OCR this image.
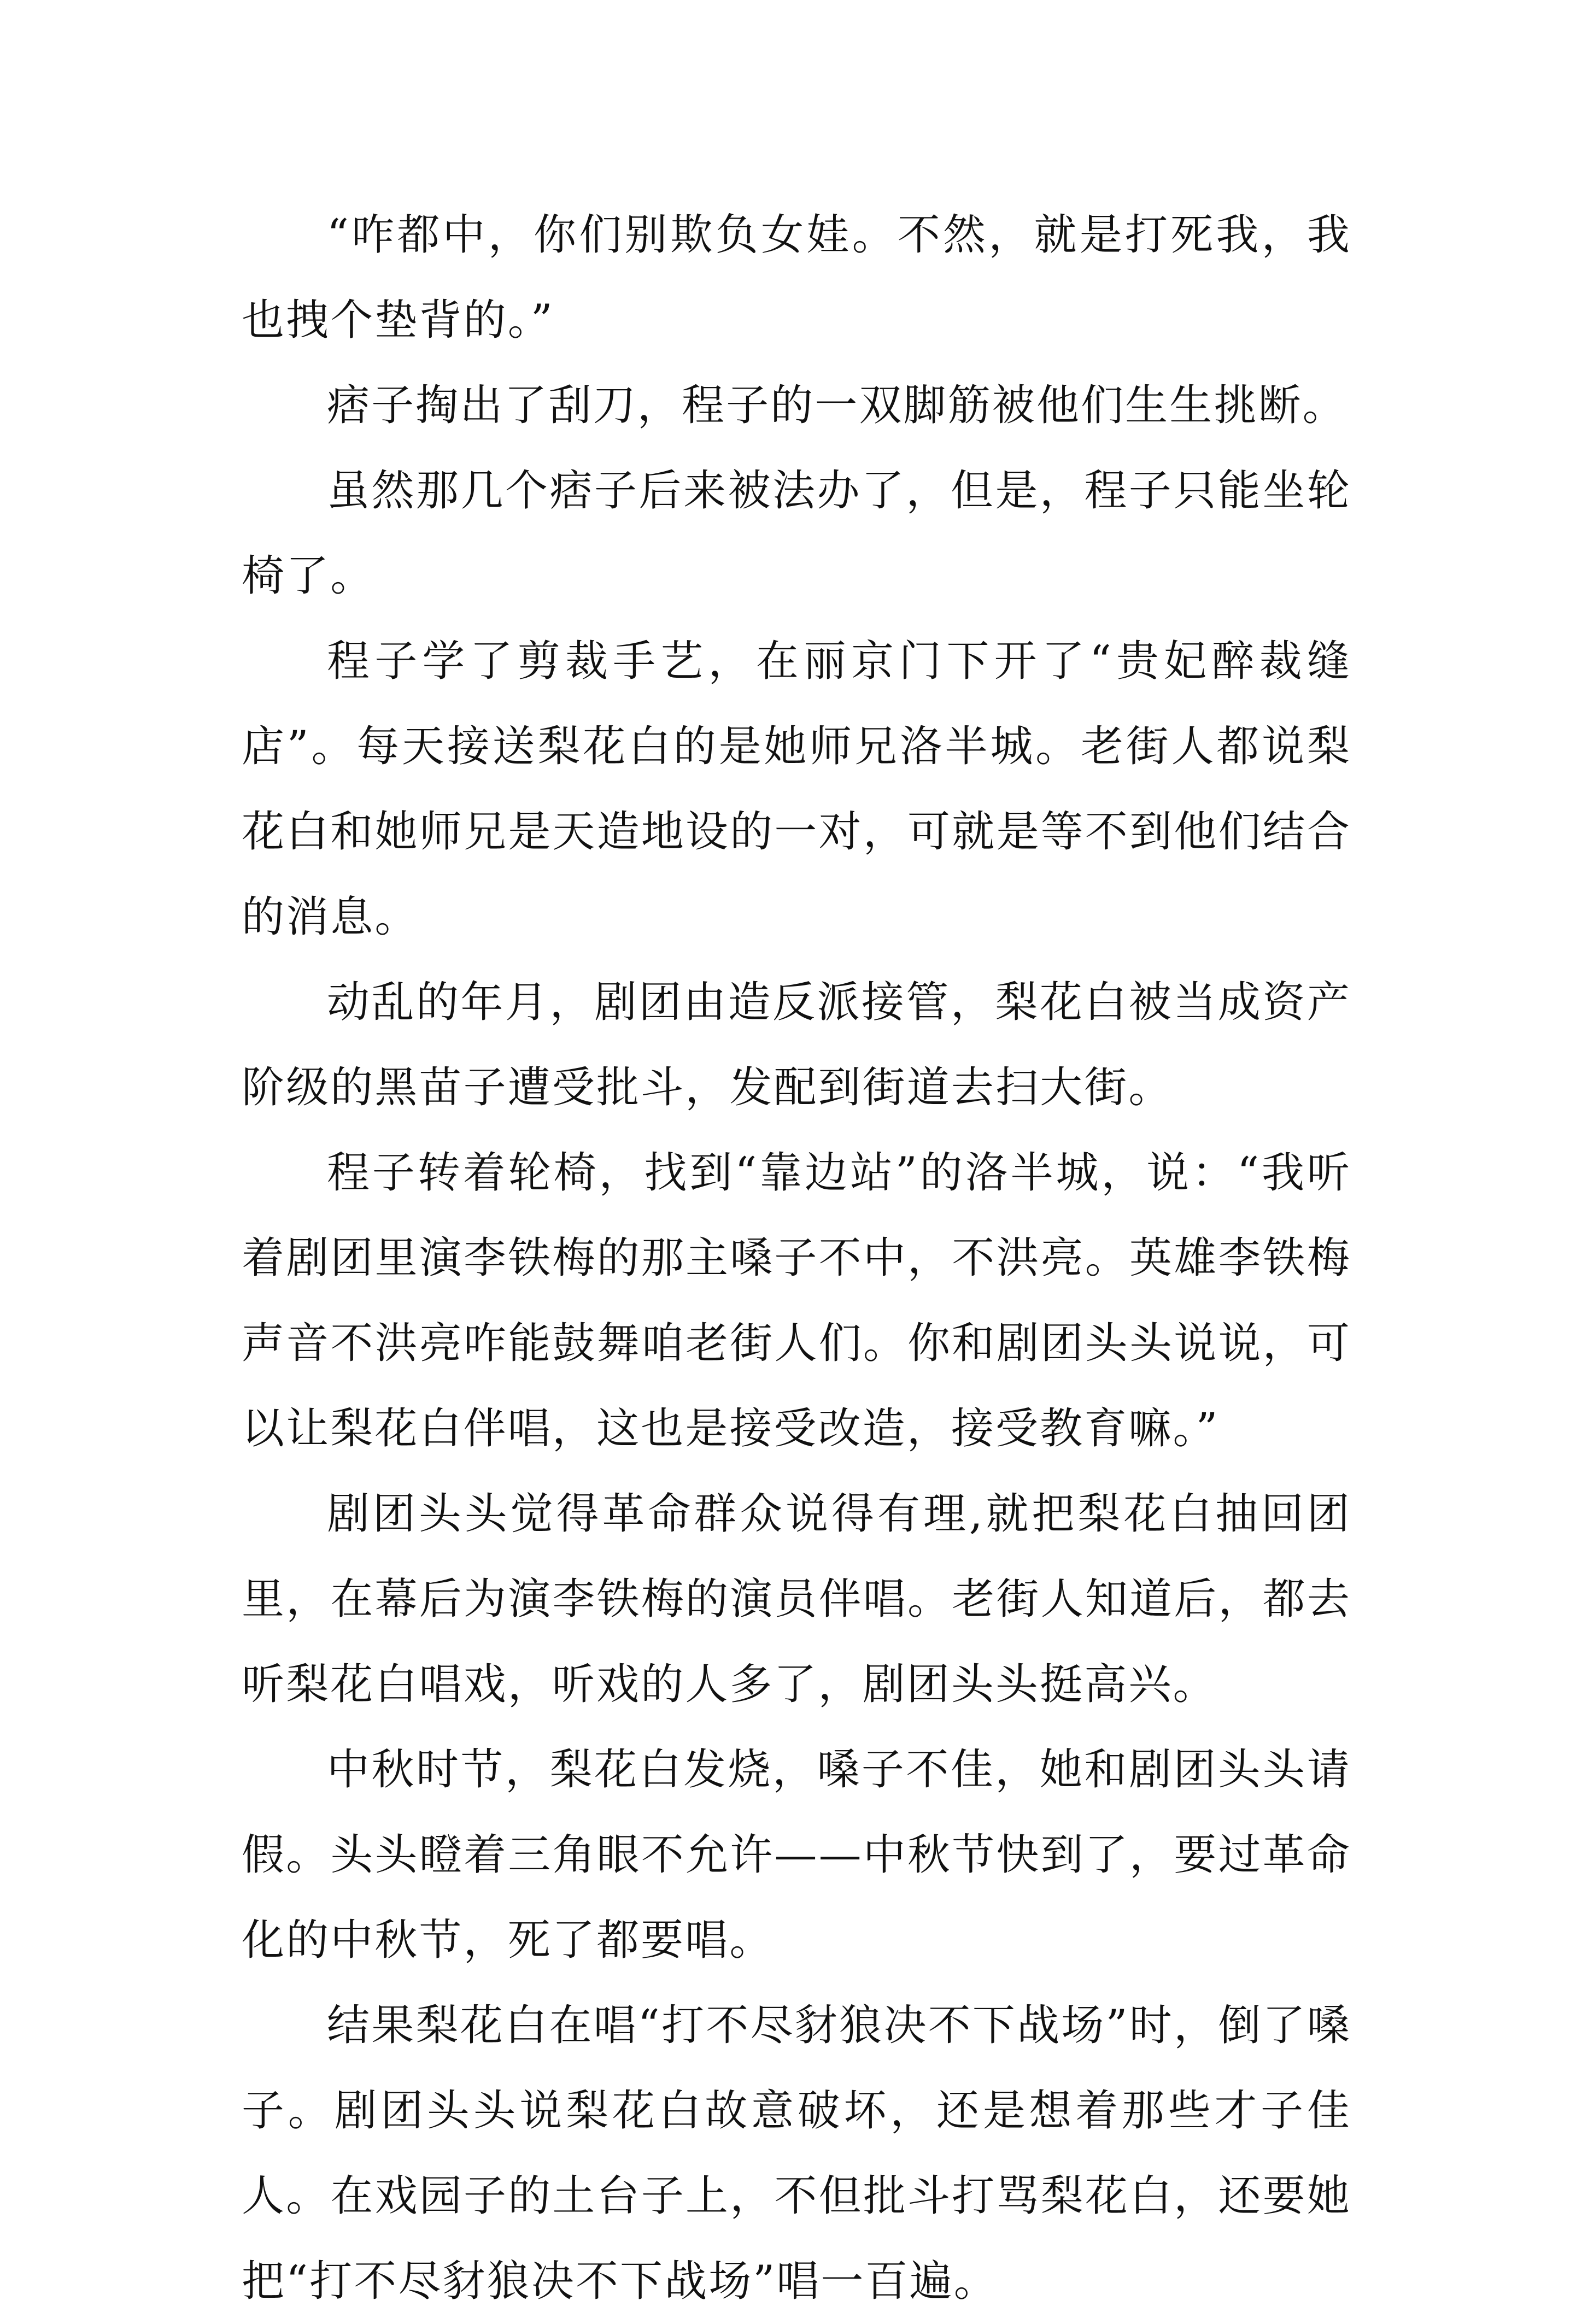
“咋都中，你们别欺负女娃。不然，就是打死我，我也拽个垫背的。”

痞子掏出了刮刀，程子的一双脚筋被他们生生挑断。

虽然那几个痞子后来被法办了，但是，程子只能坐轮椅了。

程子学了剪裁手艺，在丽京门下开了“贵妃醉裁缝店”。每天接送梨花白的是她师兄洛半城。老街人都说梨花白和她师兄是天造地设的一对，可就是等不到他们结合的消息。

动乱的年月，剧团由造反派接管，梨花白被当成资产阶级的黑苗子遭受批斗，发配到街道去扫大街。

程子转着轮椅，找到“靠边站”的洛半城，说：“我听着剧团里演李铁梅的那主嗓子不中，不洪亮。英雄李铁梅声音不洪亮咋能鼓舞咱老街人们。你和剧团头头说说，可以让梨花白伴唱，这也是接受改造，接受教育嘛。”

剧团头头觉得革命群众说得有理,就把梨花白抽回团里，在幕后为演李铁梅的演员伴唱。老街人知道后，都去听梨花白唱戏，听戏的人多了，剧团头头挺高兴。

中秋时节，梨花白发烧，嗓子不佳，她和剧团头头请假。头头瞪着三角眼不允许——中秋节快到了，要过革命化的中秋节，死了都要唱。

结果梨花白在唱“打不尽豺狼决不下战场”时，倒了嗓子。剧团头头说梨花白故意破坏，还是想着那些才子佳人。在戏园子的土台子上，不但批斗打骂梨花白，还要她把“打不尽豺狼决不下战场”唱一百遍。
